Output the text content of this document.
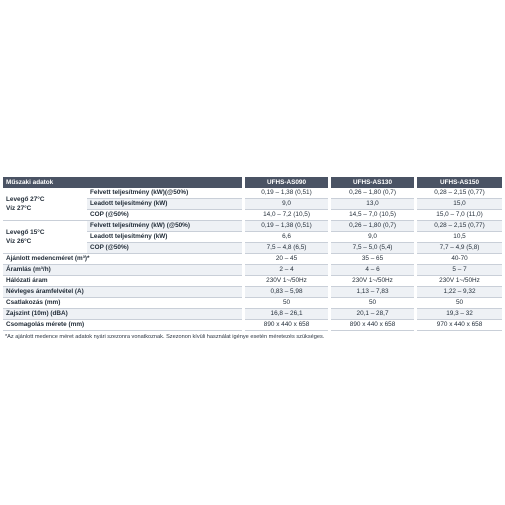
Műszaki adatok			UFHS-AS090		UFHS-AS130		UFHS-AS150

Levegő 27°C
Víz 27°C	Felvett teljesítmény (kW)(@50%)		0,19 – 1,38 (0,51)		0,26 – 1,80 (0,7)		0,28 – 2,15 (0,77)
	Leadott teljesítmény (kW)		9,0		13,0		15,0
	COP (@50%)		14,0 – 7,2 (10,5)		14,5 – 7,0 (10,5)		15,0 – 7,0 (11,0)

Levegő 15°C
Víz 26°C	Felvett teljesítmény (kW) (@50%)		0,19 – 1,38 (0,51)		0,26 – 1,80 (0,7)		0,28 – 2,15 (0,77)
	Leadott teljesítmény (kW)		6,6		9,0		10,5
	COP (@50%)		7,5 – 4,8 (6,5)		7,5 – 5,0 (5,4)		7,7 – 4,9 (5,8)
Ajánlott medencméret (m³)*			20 – 45		35 – 65		40-70
Áramlás (m³/h)			2 – 4		4 – 6		5 – 7
Hálózati áram			230V 1~/50Hz		230V 1~/50Hz		230V 1~/50Hz
Névleges áramfelvétel (A)			0,83 – 5,98		1,13 – 7,83		1,22 – 9,32
Csatlakozás (mm)			50		50		50
Zajszint (10m) (dBA)			16,8 – 26,1		20,1 – 28,7		19,3 – 32
Csomagolás mérete (mm)			890 x 440 x 658		890 x 440 x 658		970 x 440 x 658
*Az ajánlott medence méret adatok nyári szezonra vonatkoznak. Szezonon kívüli használat igénye esetén méretezés szükséges.
